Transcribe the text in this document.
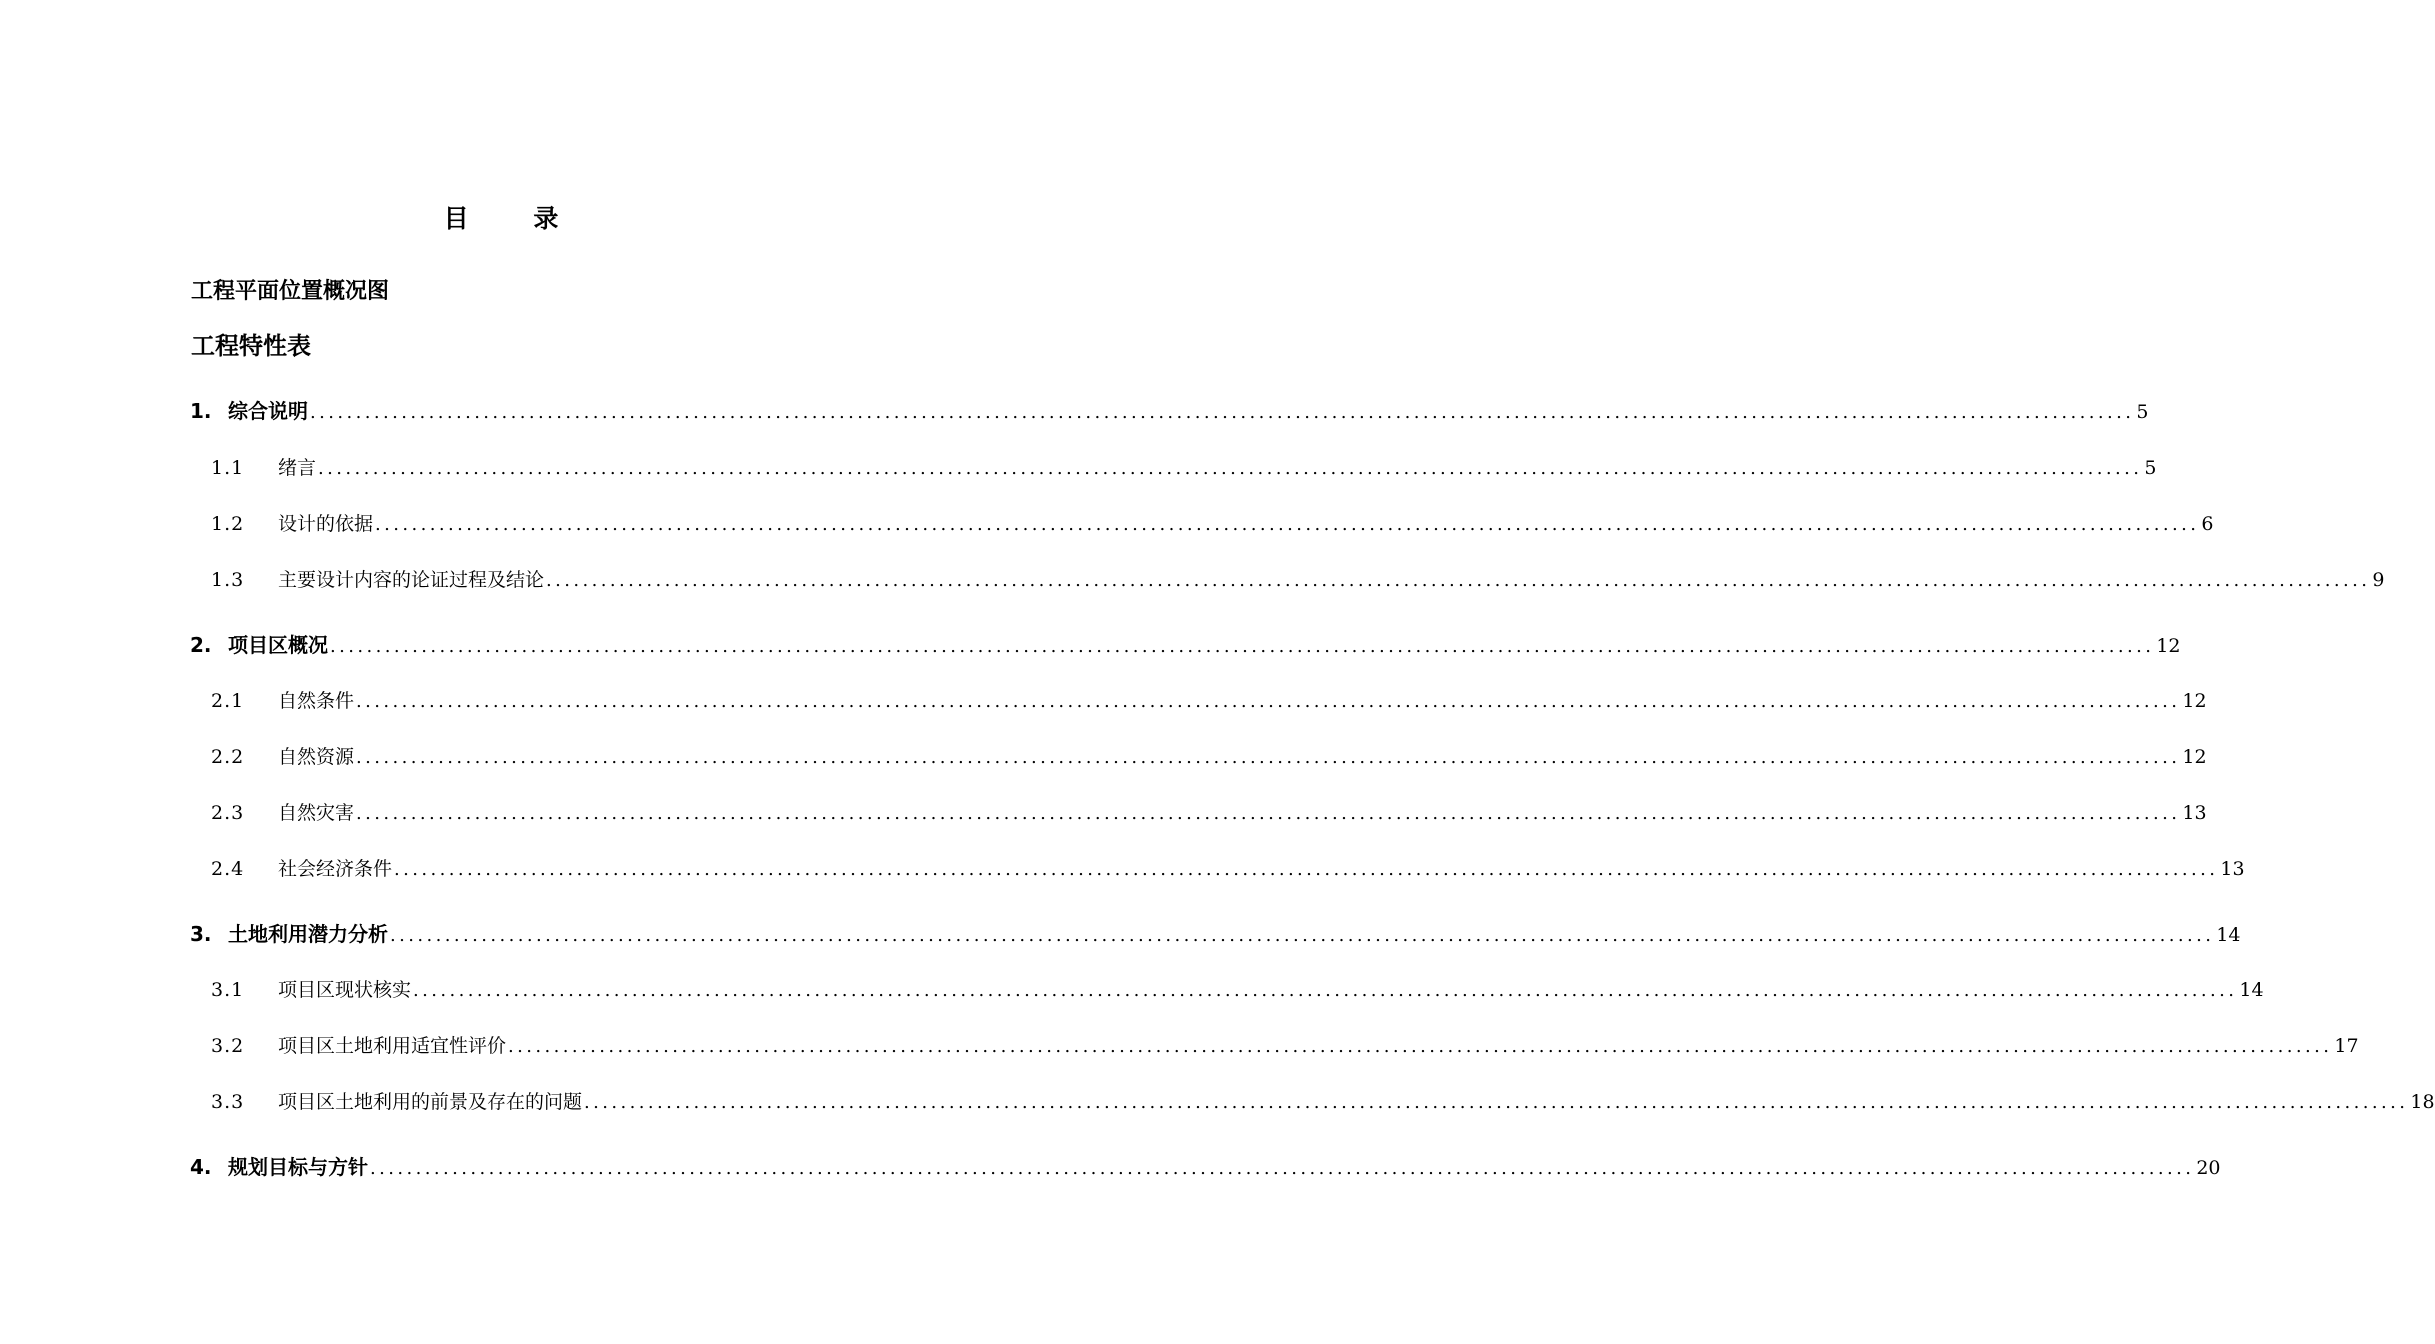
目 录
工程平面位置概况图
工程特性表
1. 综合说明 ........................................................................................................................................................................................................ 5
1.1	绪言 ........................................................................................................................................................................................................ 5
1.2	设计的依据 ........................................................................................................................................................................................................ 6
1.3	主要设计内容的论证过程及结论 ........................................................................................................................................................................................................ 9
2. 项目区概况 ........................................................................................................................................................................................................ 12
2.1	自然条件 ........................................................................................................................................................................................................ 12
2.2	自然资源 ........................................................................................................................................................................................................ 12
2.3	自然灾害 ........................................................................................................................................................................................................ 13
2.4	社会经济条件 ........................................................................................................................................................................................................ 13
3. 土地利用潜力分析 ........................................................................................................................................................................................................ 14
3.1	项目区现状核实 ........................................................................................................................................................................................................ 14
3.2	项目区土地利用适宜性评价 ........................................................................................................................................................................................................ 17
3.3	项目区土地利用的前景及存在的问题 ........................................................................................................................................................................................................ 18
4. 规划目标与方针 ........................................................................................................................................................................................................ 20
